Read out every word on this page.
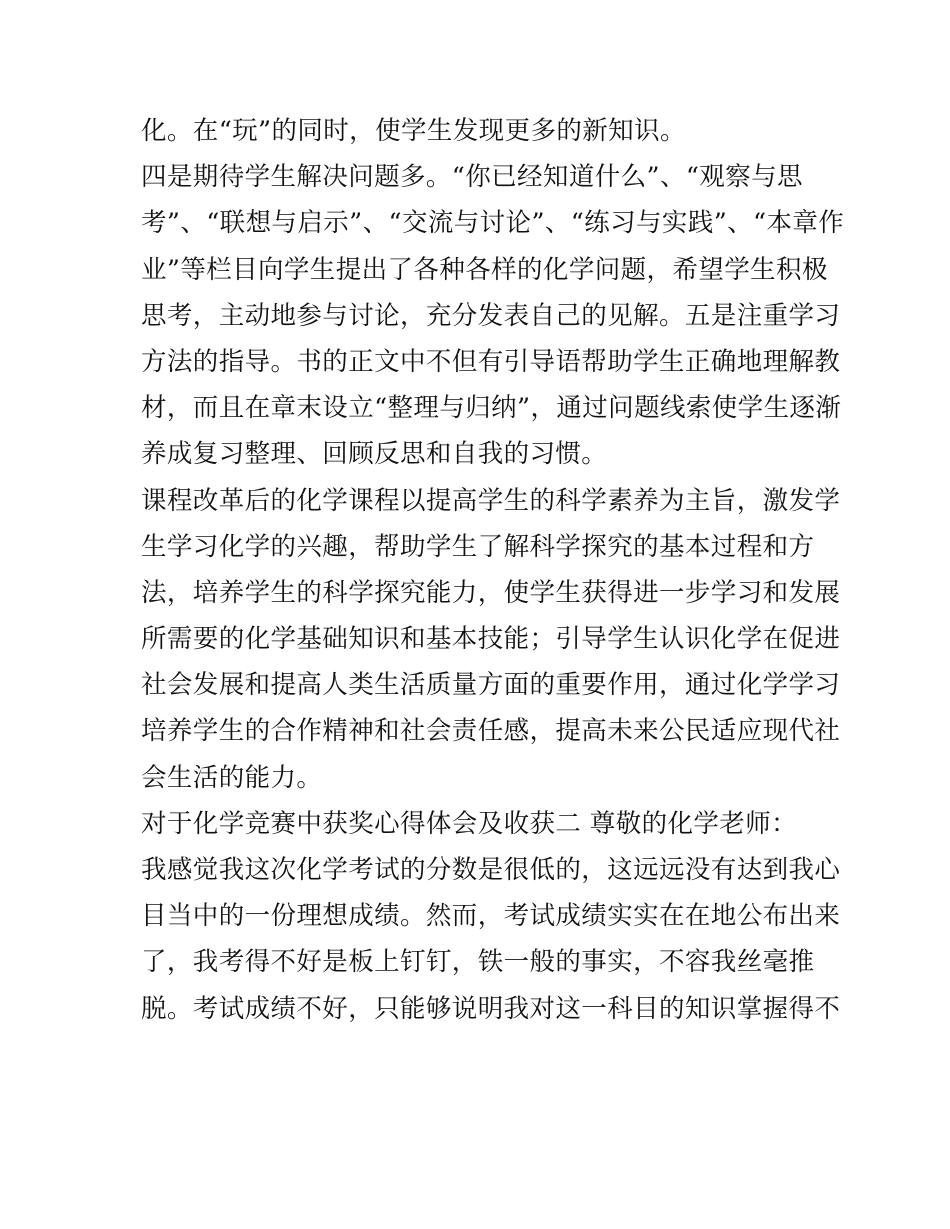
化。在“玩”的同时，使学生发现更多的新知识。
四是期待学生解决问题多。“你已经知道什么”、“观察与思
考”、“联想与启示”、“交流与讨论”、“练习与实践”、“本章作
业”等栏目向学生提出了各种各样的化学问题，希望学生积极
思考，主动地参与讨论，充分发表自己的见解。五是注重学习
方法的指导。书的正文中不但有引导语帮助学生正确地理解教
材，而且在章末设立“整理与归纳”，通过问题线索使学生逐渐
养成复习整理、回顾反思和自我的习惯。
课程改革后的化学课程以提高学生的科学素养为主旨，激发学
生学习化学的兴趣，帮助学生了解科学探究的基本过程和方
法，培养学生的科学探究能力，使学生获得进一步学习和发展
所需要的化学基础知识和基本技能；引导学生认识化学在促进
社会发展和提高人类生活质量方面的重要作用，通过化学学习
培养学生的合作精神和社会责任感，提高未来公民适应现代社
会生活的能力。
对于化学竞赛中获奖心得体会及收获二 尊敬的化学老师：
我感觉我这次化学考试的分数是很低的，这远远没有达到我心
目当中的一份理想成绩。然而，考试成绩实实在在地公布出来
了，我考得不好是板上钉钉，铁一般的事实，不容我丝毫推
脱。考试成绩不好，只能够说明我对这一科目的知识掌握得不
